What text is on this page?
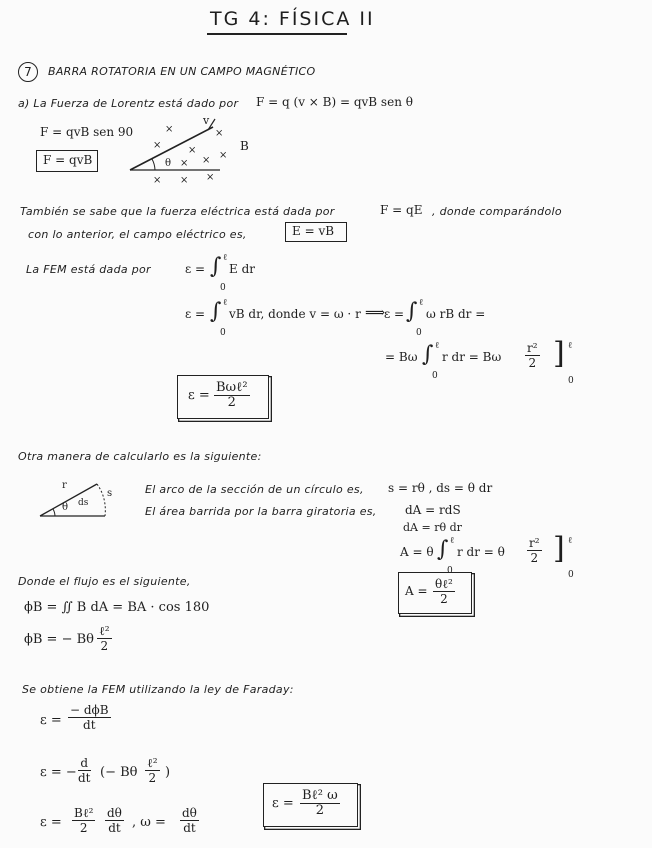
TG 4: FÍSICA II
7	BARRA ROTATORIA EN UN CAMPO MAGNÉTICO
a) La Fuerza de Lorentz está dado por F = q (v × B) = qvB sen θ
F = qvB sen 90
F = qvB
v
B
θ
×	×
×	×
× × ×
× × ×
También se sabe que la fuerza eléctrica está dada por	F = qE , donde comparándolo
con lo anterior, el campo eléctrico es,	E = vB
La FEM está dada por	ε = ∫ ℓ
0
E dr
ε = ∫ ℓ
0
vB dr, donde v = ω · r ⟹
ε = ∫ ℓ
0
ω rB dr =
= Bω ∫ ℓ
0
r dr = Bω $\frac{\text{r²}}{2}$ ] ℓ
0
$\varepsilon = \frac{\text{Bωℓ²}}{2}$
Otra manera de calcularlo es la siguiente:
r
s
θ ds
El arco de la sección de un círculo es, s = rθ , ds = θ dr
El área barrida por la barra giratoria es, dA = rdS
dA = rθ dr
A = θ ∫ ℓ
0
r dr = θ $\frac{\text{r²}}{2}$ ] ℓ
0
$A = \frac{\text{θℓ²}}{2}$
Donde el flujo es el siguiente,
ϕB = ∬ B dA = BA · cos 180
ϕB = − Bθ $\frac{\text{ℓ²}}{2}$
Se obtiene la FEM utilizando la ley de Faraday:
$\varepsilon = \frac{\text{− dϕB}}{dt}$
ε = − $\frac{d}{dt}$ (− Bθ $\frac{\text{ℓ²}}{2}$ )
$\varepsilon = \frac{\text{Bℓ²}}{2} \frac{d\theta}{dt}$ , $\omega = \frac{d\theta}{dt}$
$\varepsilon = \frac{\text{Bℓ² ω}}{2}$
